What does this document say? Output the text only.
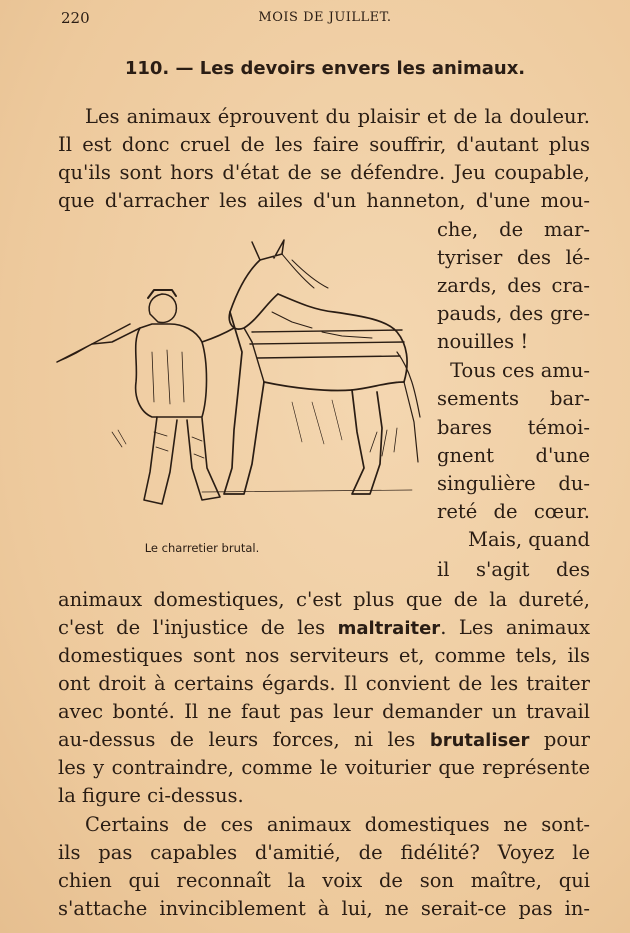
220	MOIS DE JUILLET.
110. — Les devoirs envers les animaux.
Les animaux éprouvent du plaisir et de la douleur.
Il est donc cruel de les faire souffrir, d'autant plus
qu'ils sont hors d'état de se défendre. Jeu coupable,
que d'arracher les ailes d'un hanneton, d'une mou-
che, de mar-
tyriser des lé-
zards, des cra-
pauds, des gre-
nouilles !
Tous ces amu-
sements bar-
bares témoi-
gnent d'une
singulière du-
reté de cœur.
Mais, quand
il s'agit des
Le charretier brutal.
animaux domestiques, c'est plus que de la dureté,
c'est de l'injustice de les maltraiter. Les animaux
domestiques sont nos serviteurs et, comme tels, ils
ont droit à certains égards. Il convient de les traiter
avec bonté. Il ne faut pas leur demander un travail
au-dessus de leurs forces, ni les brutaliser pour
les y contraindre, comme le voiturier que représente
la figure ci-dessus.
Certains de ces animaux domestiques ne sont-
ils pas capables d'amitié, de fidélité? Voyez le
chien qui reconnaît la voix de son maître, qui
s'attache invinciblement à lui, ne serait-ce pas in-
